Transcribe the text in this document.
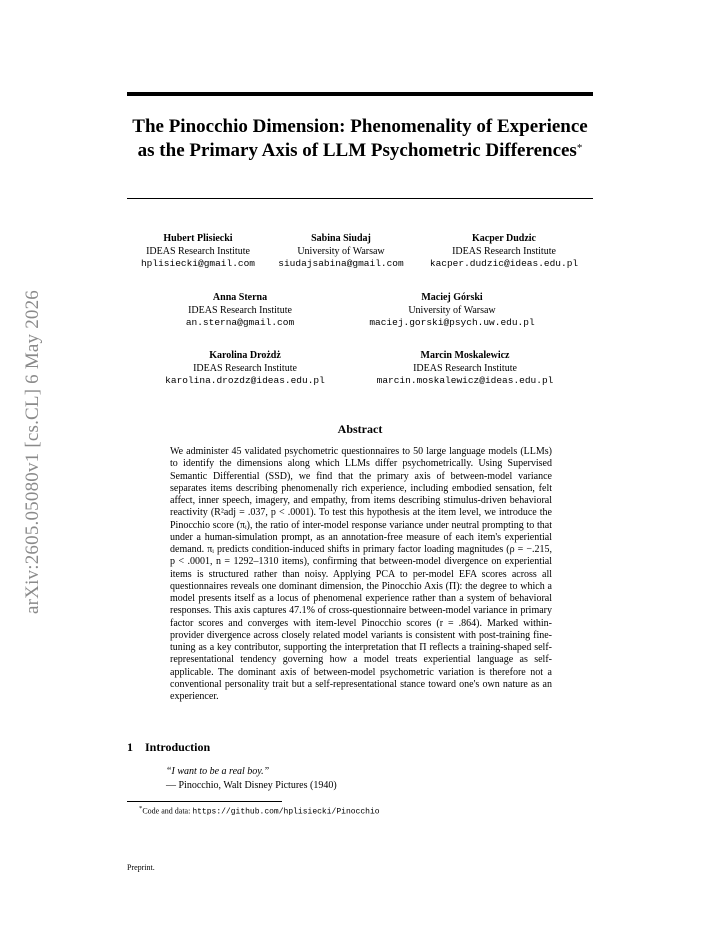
arXiv:2605.05080v1 [cs.CL] 6 May 2026
The Pinocchio Dimension: Phenomenality of Experience as the Primary Axis of LLM Psychometric Differences*
Hubert Plisiecki
IDEAS Research Institute
hplisiecki@gmail.com
Sabina Siudaj
University of Warsaw
siudajsabina@gmail.com
Kacper Dudzic
IDEAS Research Institute
kacper.dudzic@ideas.edu.pl
Anna Sterna
IDEAS Research Institute
an.sterna@gmail.com
Maciej Górski
University of Warsaw
maciej.gorski@psych.uw.edu.pl
Karolina Drożdż
IDEAS Research Institute
karolina.drozdz@ideas.edu.pl
Marcin Moskalewicz
IDEAS Research Institute
marcin.moskalewicz@ideas.edu.pl
Abstract
We administer 45 validated psychometric questionnaires to 50 large language models (LLMs) to identify the dimensions along which LLMs differ psychometrically. Using Supervised Semantic Differential (SSD), we find that the primary axis of between-model variance separates items describing phenomenally rich experience, including embodied sensation, felt affect, inner speech, imagery, and empathy, from items describing stimulus-driven behavioral reactivity (R²adj = .037, p < .0001). To test this hypothesis at the item level, we introduce the Pinocchio score (πᵢ), the ratio of inter-model response variance under neutral prompting to that under a human-simulation prompt, as an annotation-free measure of each item's experiential demand. πᵢ predicts condition-induced shifts in primary factor loading magnitudes (ρ = −.215, p < .0001, n = 1292–1310 items), confirming that between-model divergence on experiential items is structured rather than noisy. Applying PCA to per-model EFA scores across all questionnaires reveals one dominant dimension, the Pinocchio Axis (Π): the degree to which a model presents itself as a locus of phenomenal experience rather than a system of behavioral responses. This axis captures 47.1% of cross-questionnaire between-model variance in primary factor scores and converges with item-level Pinocchio scores (r = .864). Marked within-provider divergence across closely related model variants is consistent with post-training fine-tuning as a key contributor, supporting the interpretation that Π reflects a training-shaped self-representational tendency governing how a model treats experiential language as self-applicable. The dominant axis of between-model psychometric variation is therefore not a conventional personality trait but a self-representational stance toward one's own nature as an experiencer.
1 Introduction
“I want to be a real boy.”
— Pinocchio, Walt Disney Pictures (1940)
*Code and data: https://github.com/hplisiecki/Pinocchio
Preprint.
